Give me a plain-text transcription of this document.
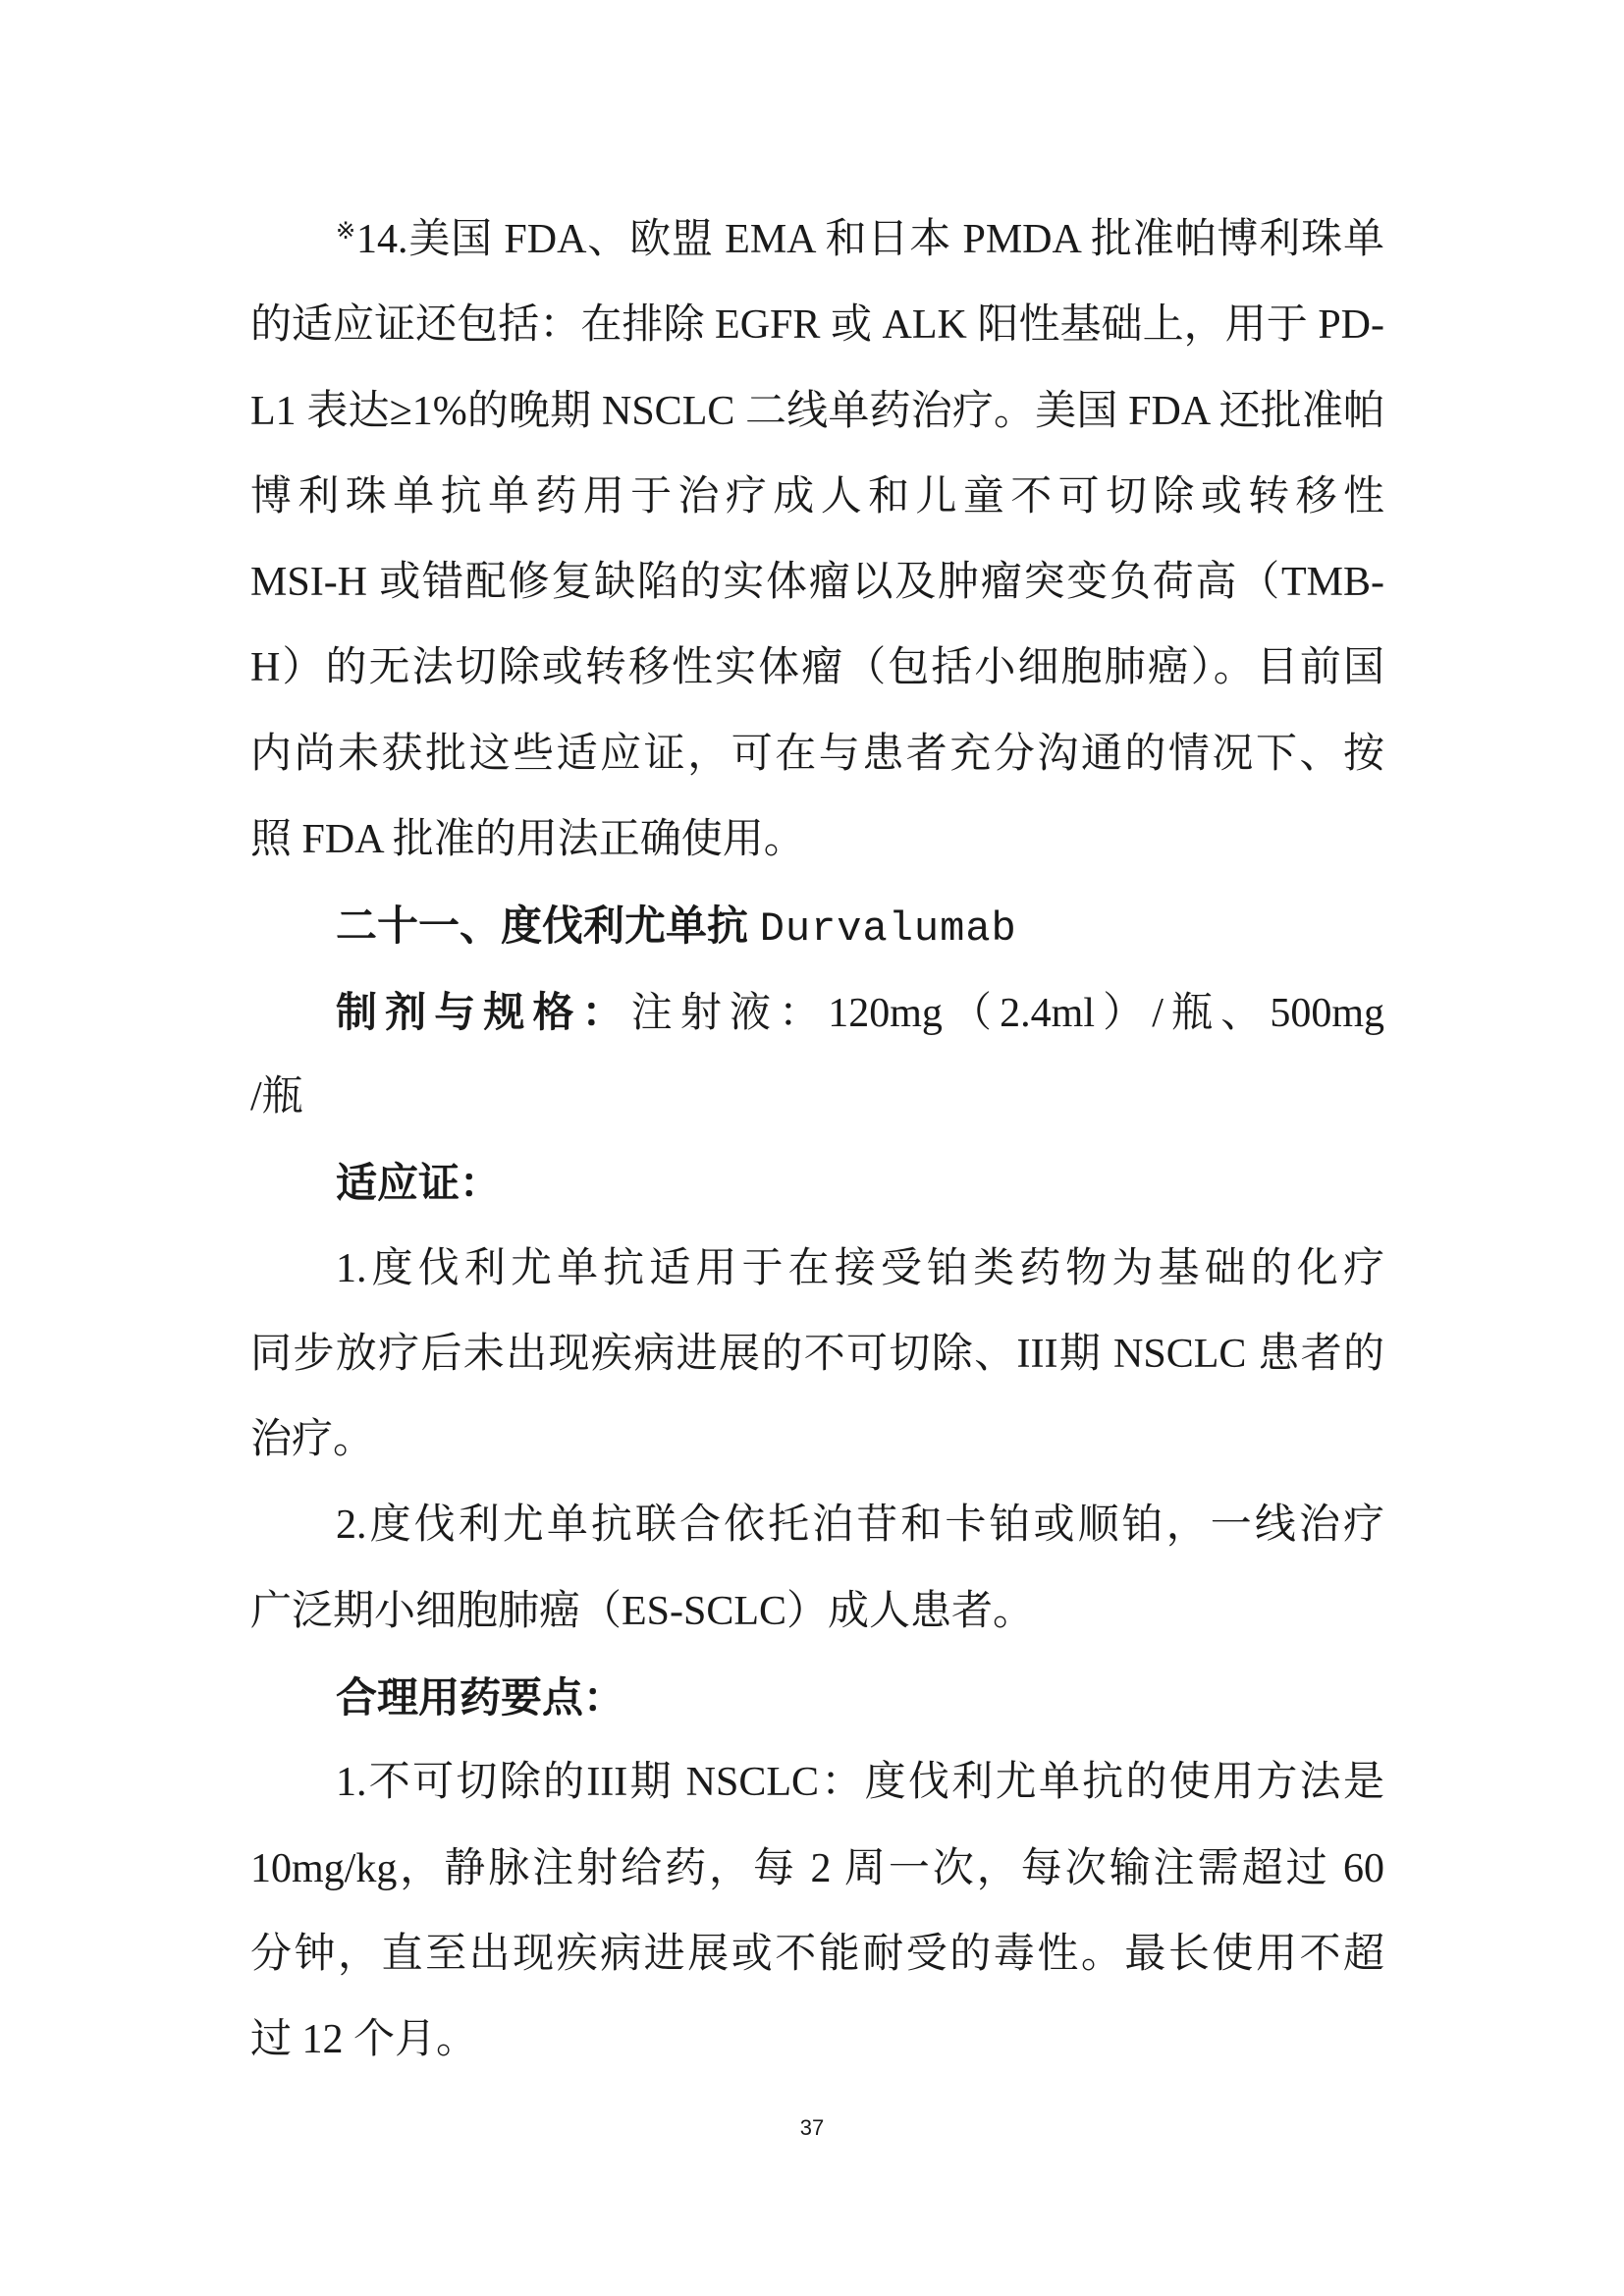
※14.美国 FDA、欧盟 EMA 和日本 PMDA 批准帕博利珠单
的适应证还包括：在排除 EGFR 或 ALK 阳性基础上，用于 PD-
L1 表达≥1%的晚期 NSCLC 二线单药治疗。美国 FDA 还批准帕
博利珠单抗单药用于治疗成人和儿童不可切除或转移性
MSI-H 或错配修复缺陷的实体瘤以及肿瘤突变负荷高（TMB-
H）的无法切除或转移性实体瘤（包括小细胞肺癌）。目前国
内尚未获批这些适应证，可在与患者充分沟通的情况下、按
照 FDA 批准的用法正确使用。
二十一、度伐利尤单抗 Durvalumab
制剂与规格：注射液：120mg（2.4ml）/瓶、500mg
/瓶
适应证：
1.度伐利尤单抗适用于在接受铂类药物为基础的化疗
同步放疗后未出现疾病进展的不可切除、III期 NSCLC 患者的
治疗。
2.度伐利尤单抗联合依托泊苷和卡铂或顺铂，一线治疗
广泛期小细胞肺癌（ES-SCLC）成人患者。
合理用药要点：
1.不可切除的III期 NSCLC：度伐利尤单抗的使用方法是
10mg/kg，静脉注射给药，每 2 周一次，每次输注需超过 60
分钟，直至出现疾病进展或不能耐受的毒性。最长使用不超
过 12 个月。
37
